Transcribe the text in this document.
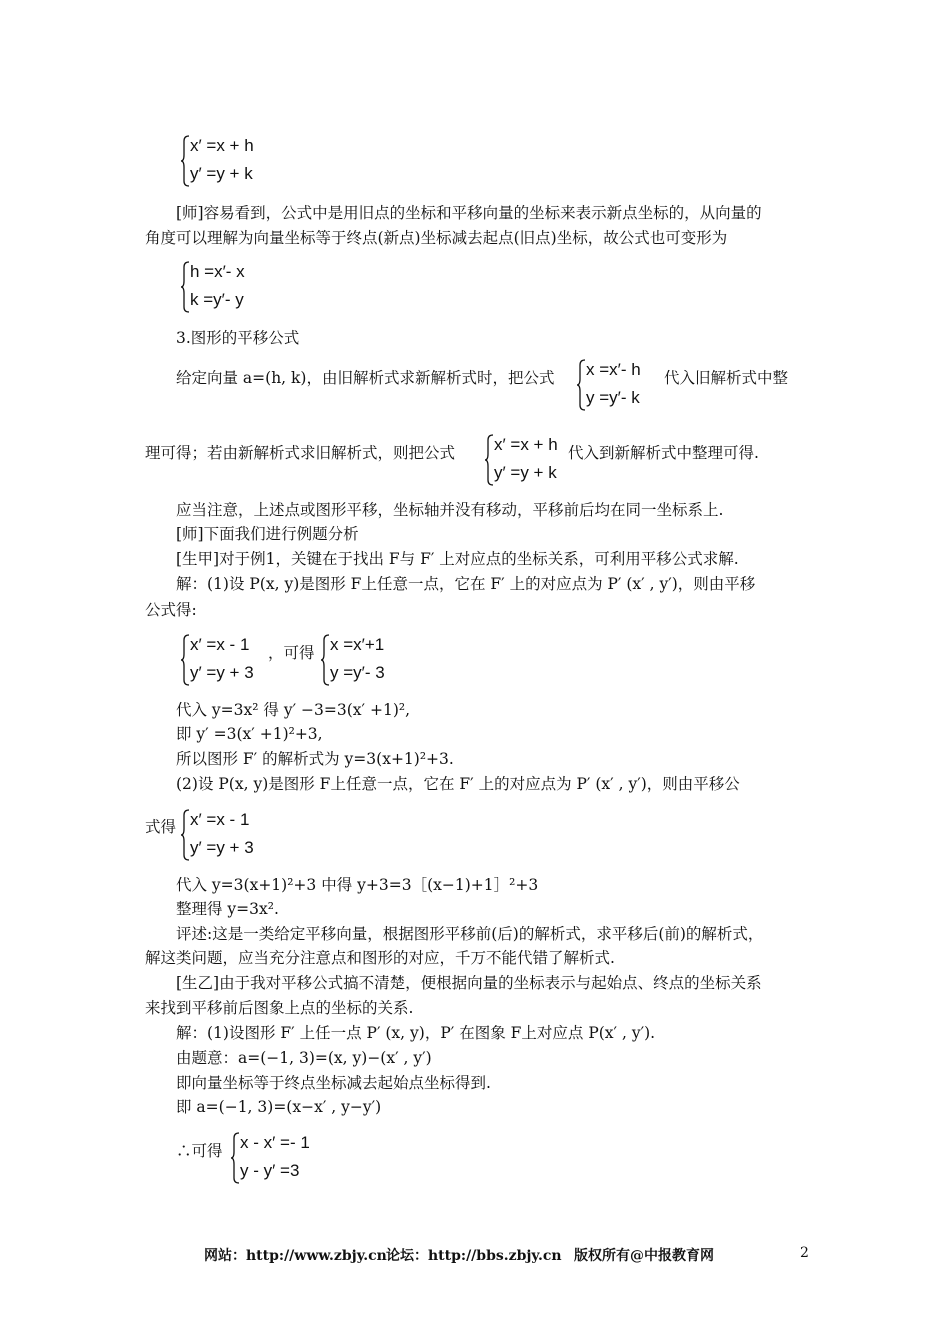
x′ =x + h
y′ =y + k
[师]容易看到，公式中是用旧点的坐标和平移向量的坐标来表示新点坐标的，从向量的
角度可以理解为向量坐标等于终点(新点)坐标减去起点(旧点)坐标，故公式也可变形为
h =x′- x
k =y′- y
3.图形的平移公式
给定向量 a=(h, k)，由旧解析式求新解析式时，把公式 x =x′- h
y =y′- k
代入旧解析式中整
理可得；若由新解析式求旧解析式，则把公式 x′ =x + h
y′ =y + k
代入到新解析式中整理可得.
应当注意，上述点或图形平移，坐标轴并没有移动，平移前后均在同一坐标系上.
[师]下面我们进行例题分析
[生甲]对于例1，关键在于找出 F与 F′ 上对应点的坐标关系，可利用平移公式求解.
解：(1)设 P(x, y)是图形 F上任意一点，它在 F′ 上的对应点为 P′ (x′ , y′)，则由平移
公式得:
x′ =x - 1
y′ =y + 3
，可得 x =x′+1
y =y′- 3
代入 y=3x² 得 y′ −3=3(x′ +1)²,
即 y′ =3(x′ +1)²+3,
所以图形 F′ 的解析式为 y=3(x+1)²+3.
(2)设 P(x, y)是图形 F上任意一点，它在 F′ 上的对应点为 P′ (x′ , y′)，则由平移公
式得 x′ =x - 1
y′ =y + 3
代入 y=3(x+1)²+3 中得 y+3=3［(x−1)+1］²+3
整理得 y=3x².
评述:这是一类给定平移向量，根据图形平移前(后)的解析式，求平移后(前)的解析式，
解这类问题，应当充分注意点和图形的对应，千万不能代错了解析式.
[生乙]由于我对平移公式搞不清楚，便根据向量的坐标表示与起始点、终点的坐标关系
来找到平移前后图象上点的坐标的关系.
解：(1)设图形 F′ 上任一点 P′ (x, y)，P′ 在图象 F上对应点 P(x′ , y′).
由题意：a=(−1, 3)=(x, y)−(x′ , y′)
即向量坐标等于终点坐标减去起始点坐标得到.
即 a=(−1, 3)=(x−x′ , y−y′)
∴可得 x - x′ =- 1
y - y′ =3
网站：http://www.zbjy.cn 论坛：http://bbs.zbjy.cn 版权所有@中报教育网	2
